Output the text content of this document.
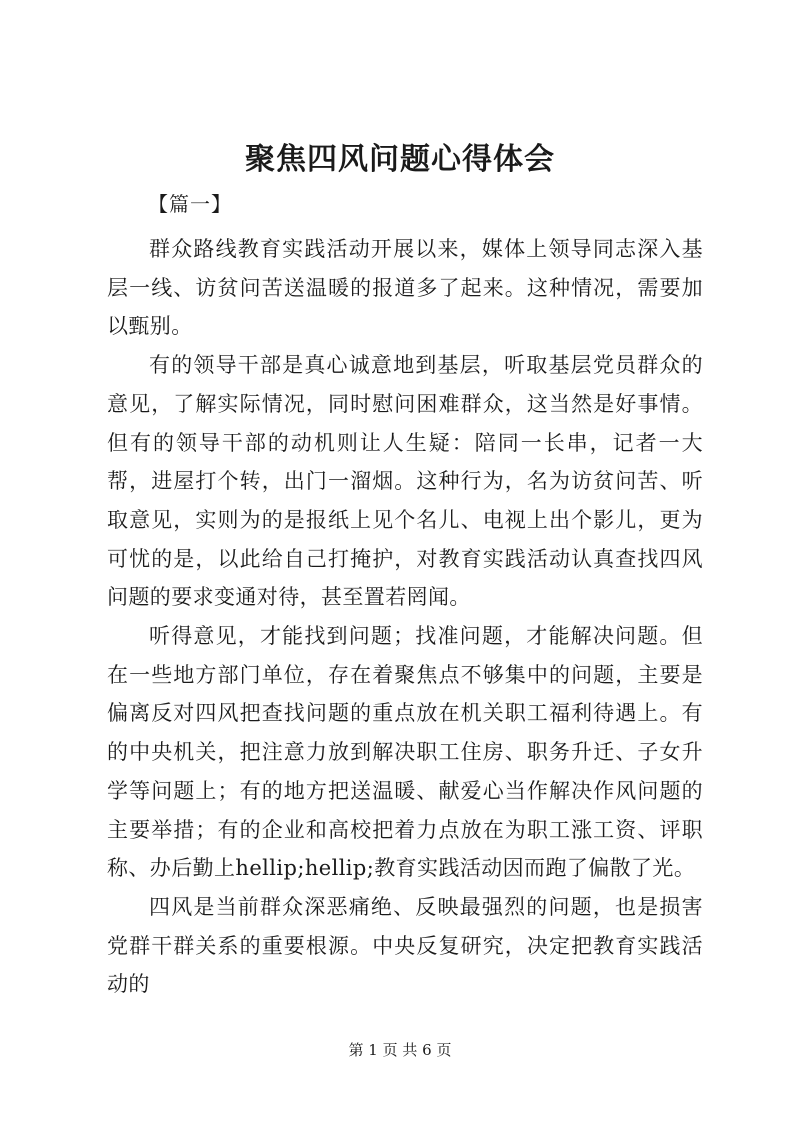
聚焦四风问题心得体会
【篇一】

群众路线教育实践活动开展以来，媒体上领导同志深入基层一线、访贫问苦送温暖的报道多了起来。这种情况，需要加以甄别。

有的领导干部是真心诚意地到基层，听取基层党员群众的意见，了解实际情况，同时慰问困难群众，这当然是好事情。但有的领导干部的动机则让人生疑：陪同一长串，记者一大帮，进屋打个转，出门一溜烟。这种行为，名为访贫问苦、听取意见，实则为的是报纸上见个名儿、电视上出个影儿，更为可忧的是，以此给自己打掩护，对教育实践活动认真查找四风问题的要求变通对待，甚至置若罔闻。

听得意见，才能找到问题；找准问题，才能解决问题。但在一些地方部门单位，存在着聚焦点不够集中的问题，主要是偏离反对四风把查找问题的重点放在机关职工福利待遇上。有的中央机关，把注意力放到解决职工住房、职务升迁、子女升学等问题上；有的地方把送温暖、献爱心当作解决作风问题的主要举措；有的企业和高校把着力点放在为职工涨工资、评职称、办后勤上hellip;hellip;教育实践活动因而跑了偏散了光。

四风是当前群众深恶痛绝、反映最强烈的问题，也是损害党群干群关系的重要根源。中央反复研究，决定把教育实践活动的

第 1 页 共 6 页
